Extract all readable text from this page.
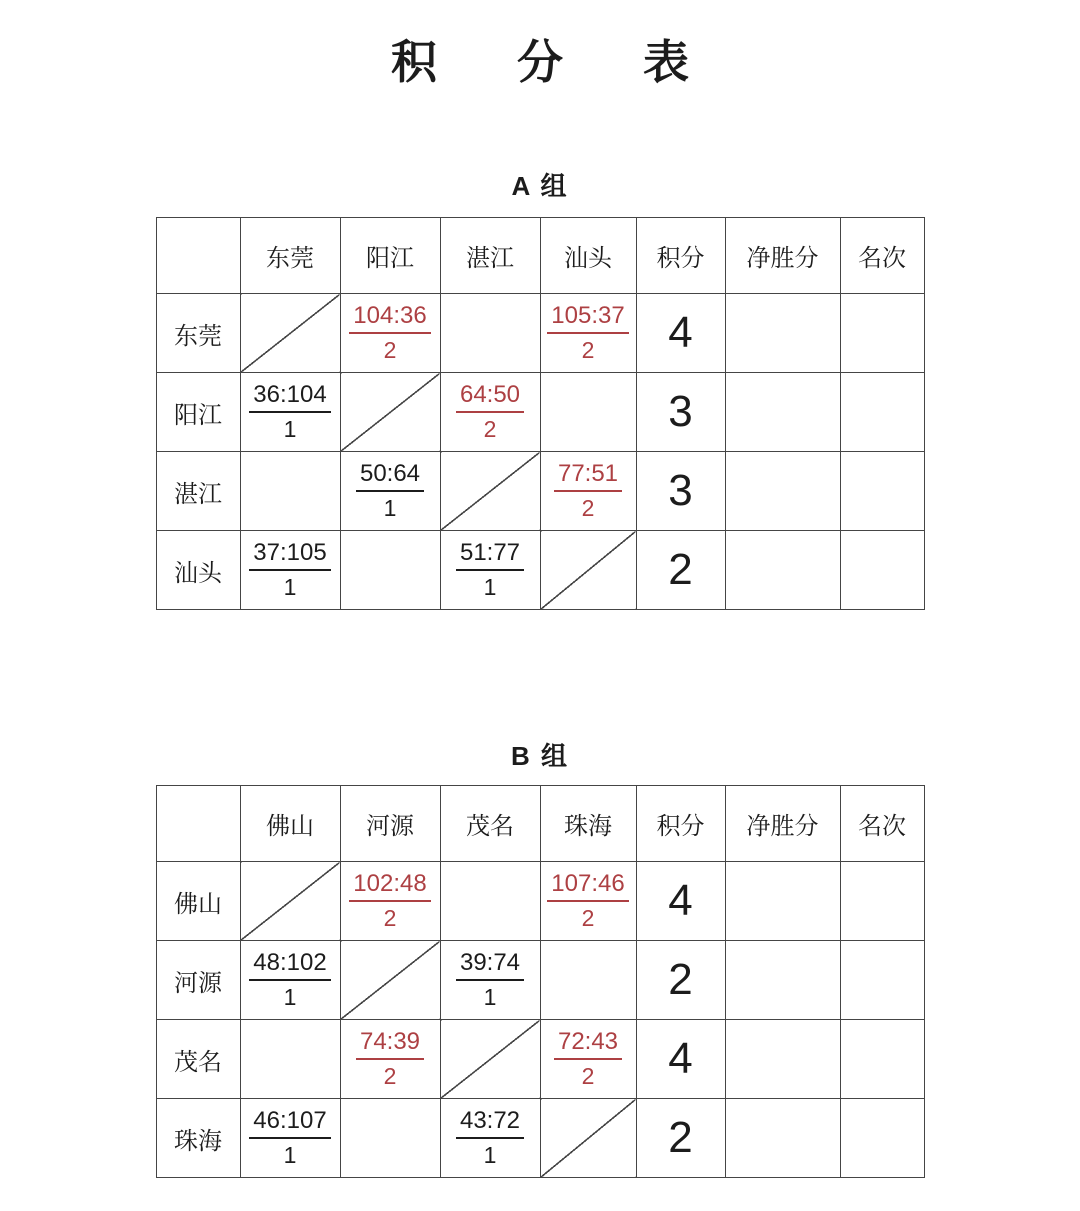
积分表
A 组
	东莞	阳江	湛江	汕头	积分	净胜分	名次
东莞		$\frac{104:36}{2}$		$\frac{105:37}{2}$	4		
阳江	$\frac{36:104}{1}$		$\frac{64:50}{2}$		3		
湛江		$\frac{50:64}{1}$		$\frac{77:51}{2}$	3		
汕头	$\frac{37:105}{1}$		$\frac{51:77}{1}$		2		
B 组
	佛山	河源	茂名	珠海	积分	净胜分	名次
佛山		$\frac{102:48}{2}$		$\frac{107:46}{2}$	4		
河源	$\frac{48:102}{1}$		$\frac{39:74}{1}$		2		
茂名		$\frac{74:39}{2}$		$\frac{72:43}{2}$	4		
珠海	$\frac{46:107}{1}$		$\frac{43:72}{1}$		2		
